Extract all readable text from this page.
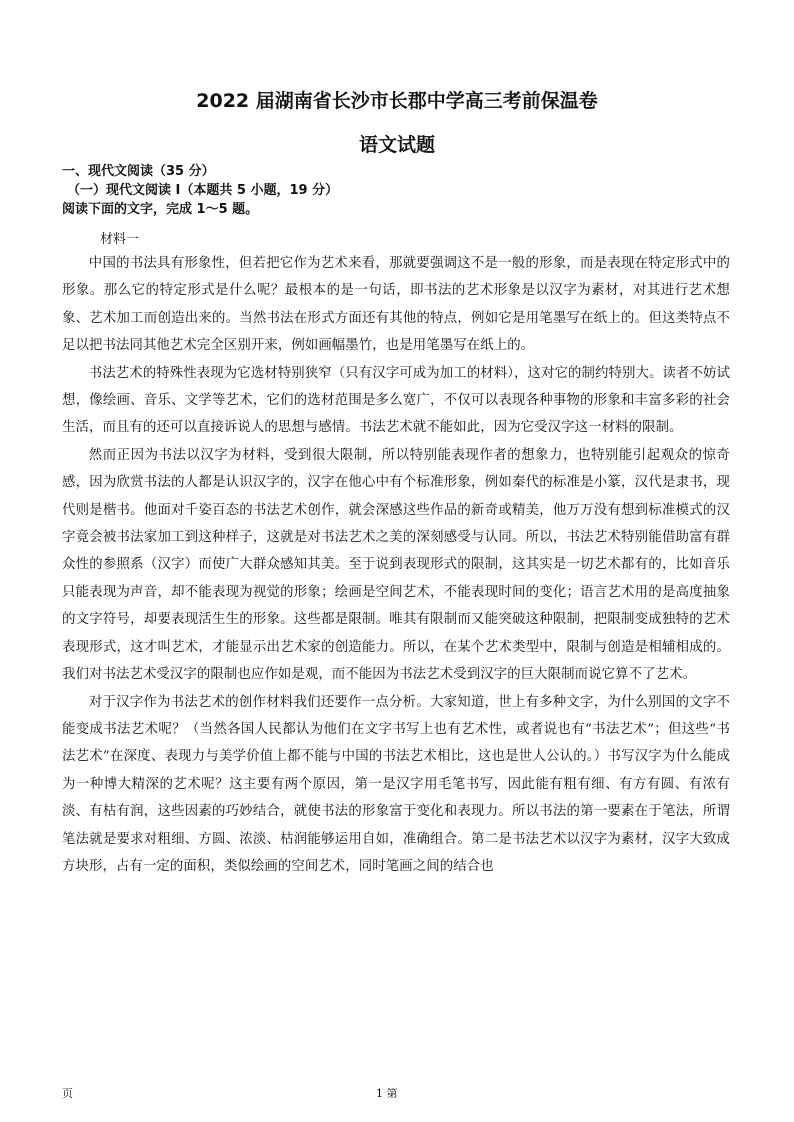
2022 届湖南省长沙市长郡中学高三考前保温卷
语文试题
一、现代文阅读（35 分）
（一）现代文阅读 I（本题共 5 小题，19 分）
阅读下面的文字，完成 1～5 题。
材料一

中国的书法具有形象性，但若把它作为艺术来看，那就要强调这不是一般的形象，而是表现在特定形式中的形象。那么它的特定形式是什么呢？最根本的是一句话，即书法的艺术形象是以汉字为素材，对其进行艺术想象、艺术加工而创造出来的。当然书法在形式方面还有其他的特点，例如它是用笔墨写在纸上的。但这类特点不足以把书法同其他艺术完全区别开来，例如画幅墨竹，也是用笔墨写在纸上的。

书法艺术的特殊性表现为它选材特别狭窄（只有汉字可成为加工的材料），这对它的制约特别大。读者不妨试想，像绘画、音乐、文学等艺术，它们的选材范围是多么宽广，不仅可以表现各种事物的形象和丰富多彩的社会生活，而且有的还可以直接诉说人的思想与感情。书法艺术就不能如此，因为它受汉字这一材料的限制。

然而正因为书法以汉字为材料，受到很大限制，所以特别能表现作者的想象力，也特别能引起观众的惊奇感，因为欣赏书法的人都是认识汉字的，汉字在他心中有个标准形象，例如秦代的标准是小篆，汉代是隶书，现代则是楷书。他面对千姿百态的书法艺术创作，就会深感这些作品的新奇或精美，他万万没有想到标准模式的汉字竟会被书法家加工到这种样子，这就是对书法艺术之美的深刻感受与认同。所以，书法艺术特别能借助富有群众性的参照系（汉字）而使广大群众感知其美。至于说到表现形式的限制，这其实是一切艺术都有的，比如音乐只能表现为声音，却不能表现为视觉的形象；绘画是空间艺术，不能表现时间的变化；语言艺术用的是高度抽象的文字符号，却要表现活生生的形象。这些都是限制。唯其有限制而又能突破这种限制，把限制变成独特的艺术表现形式，这才叫艺术，才能显示出艺术家的创造能力。所以，在某个艺术类型中，限制与创造是相辅相成的。我们对书法艺术受汉字的限制也应作如是观，而不能因为书法艺术受到汉字的巨大限制而说它算不了艺术。

对于汉字作为书法艺术的创作材料我们还要作一点分析。大家知道，世上有多种文字，为什么别国的文字不能变成书法艺术呢？（当然各国人民都认为他们在文字书写上也有艺术性，或者说也有“书法艺术”；但这些“书法艺术”在深度、表现力与美学价值上都不能与中国的书法艺术相比，这也是世人公认的。）书写汉字为什么能成为一种博大精深的艺术呢？这主要有两个原因，第一是汉字用毛笔书写，因此能有粗有细、有方有圆、有浓有淡、有枯有润，这些因素的巧妙结合，就使书法的形象富于变化和表现力。所以书法的第一要素在于笔法，所谓笔法就是要求对粗细、方圆、浓淡、枯润能够运用自如，准确组合。第二是书法艺术以汉字为素材，汉字大致成方块形，占有一定的面积，类似绘画的空间艺术，同时笔画之间的结合也

页	1 第
